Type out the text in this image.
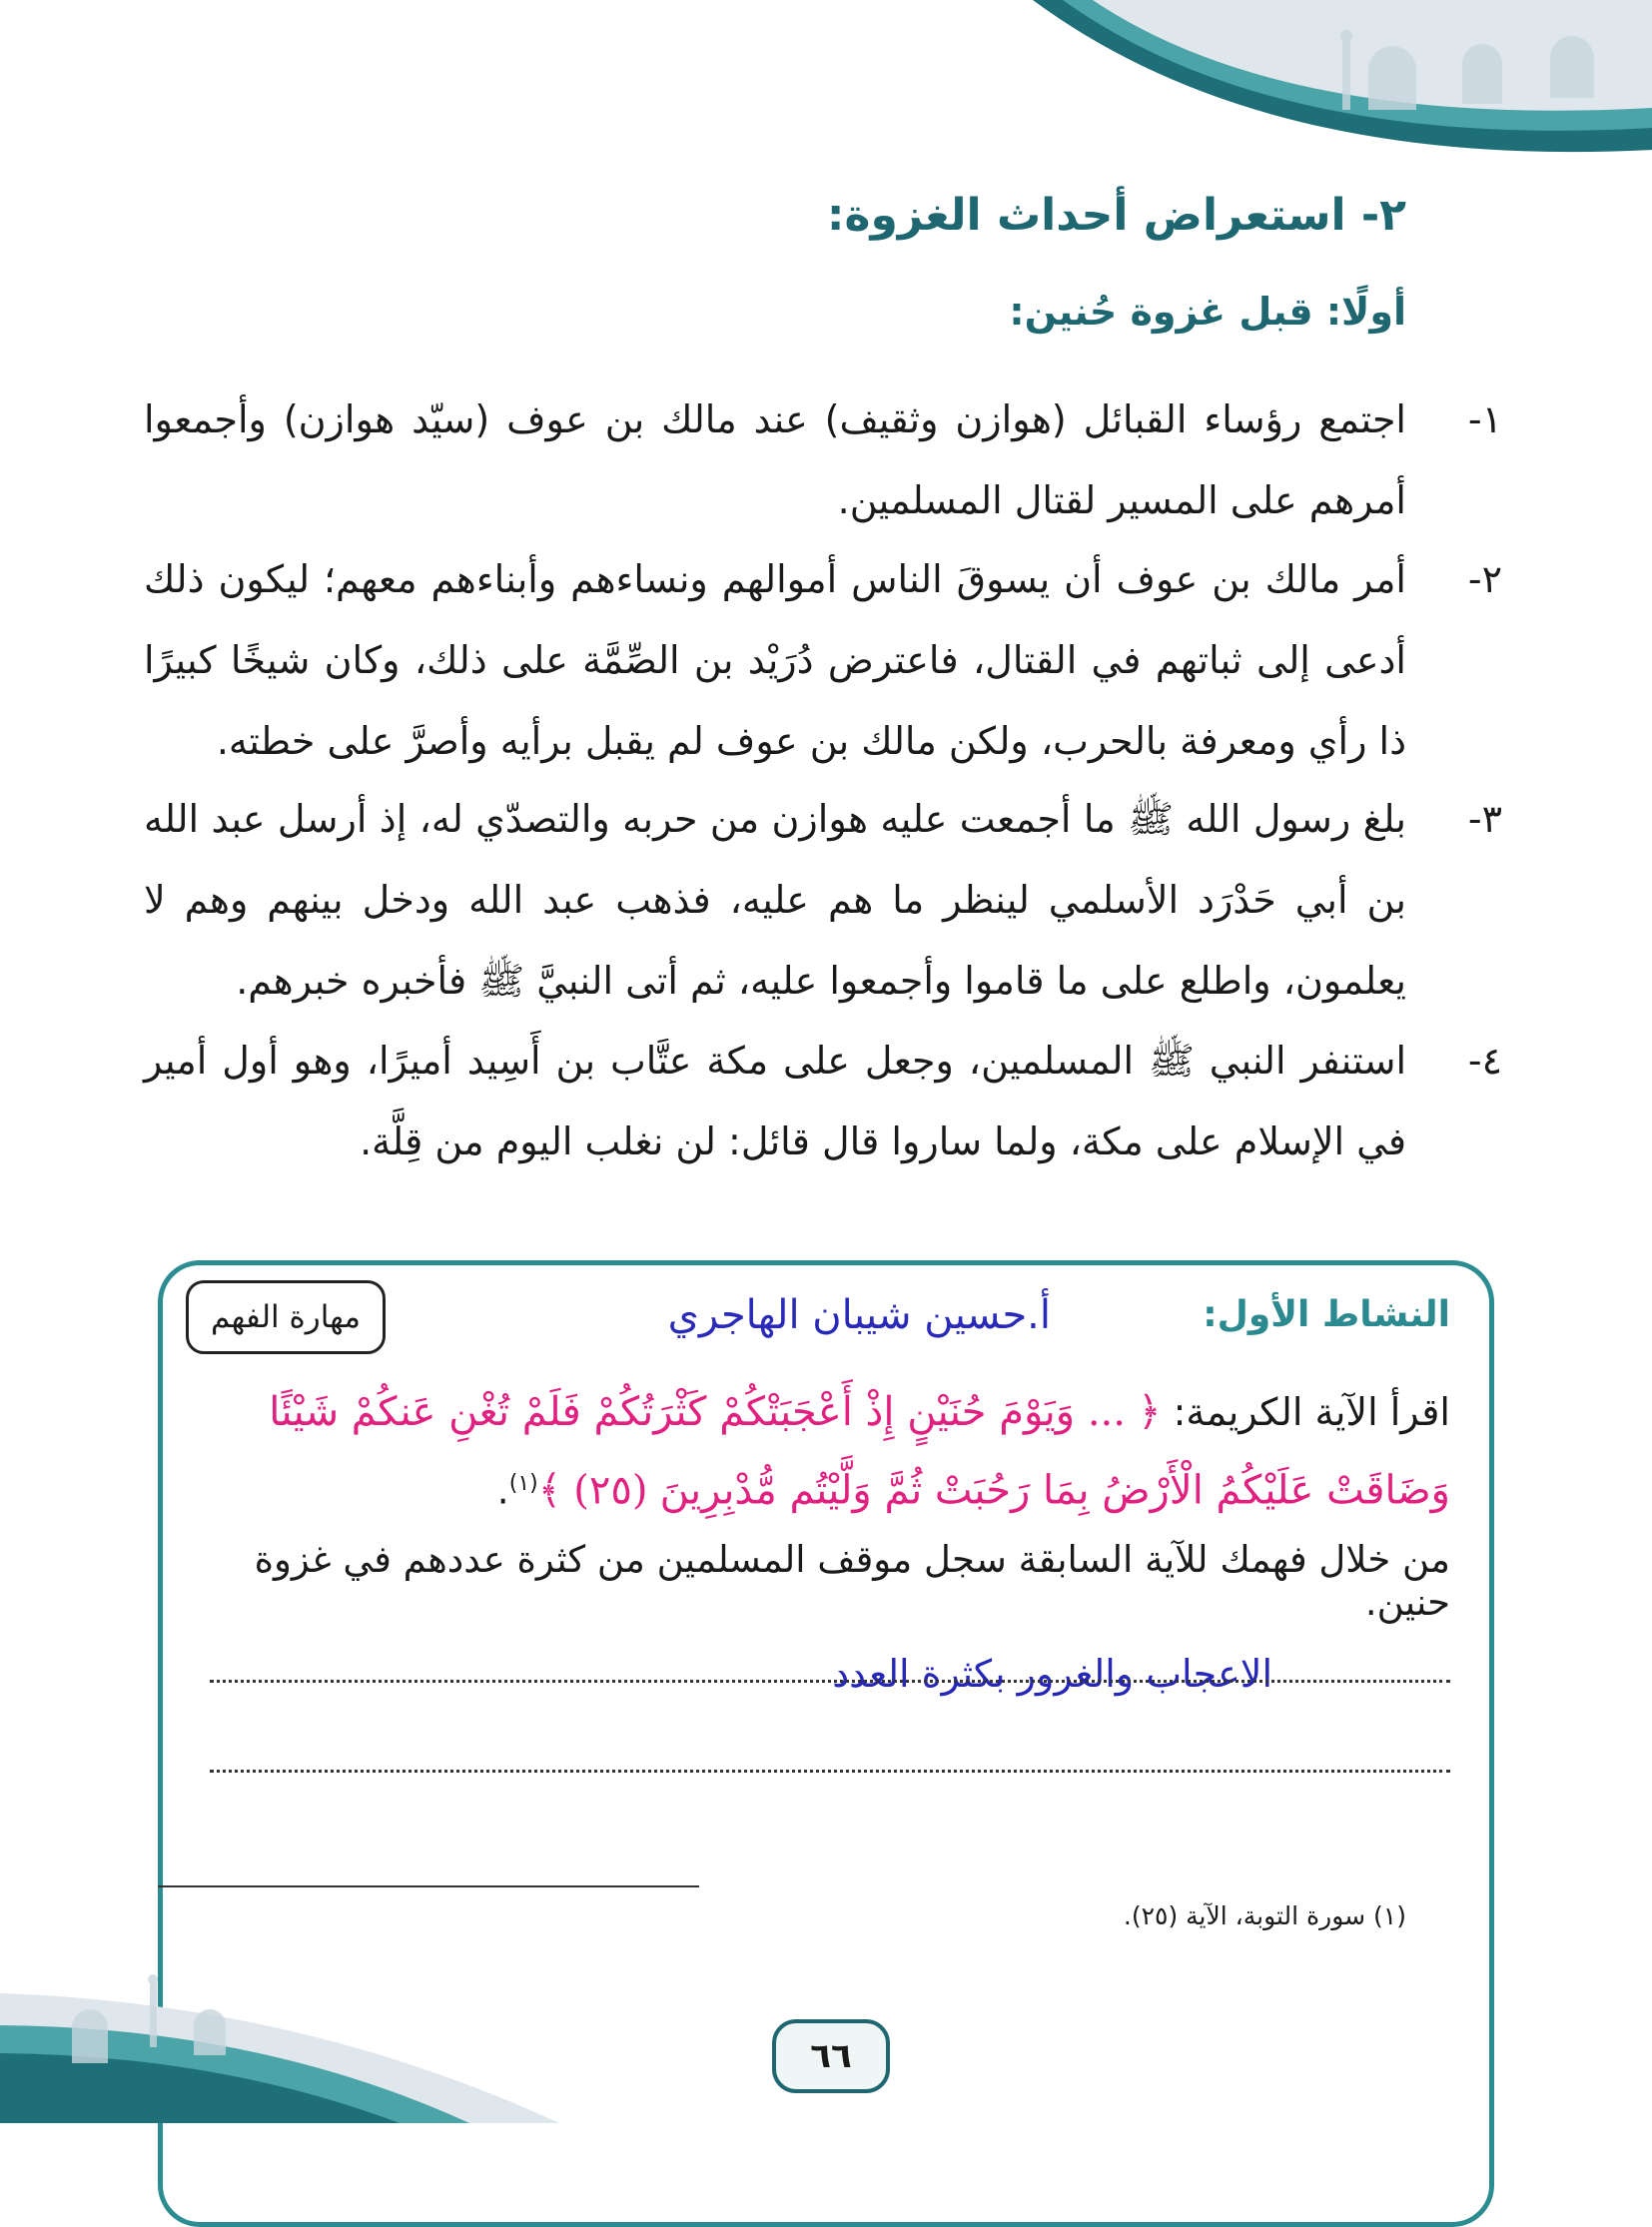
٢- استعراض أحداث الغزوة:
أولًا: قبل غزوة حُنين:
١-
اجتمع رؤساء القبائل (هوازن وثقيف) عند مالك بن عوف (سيّد هوازن) وأجمعوا أمرهم على المسير لقتال المسلمين.
٢-
أمر مالك بن عوف أن يسوقَ الناس أموالهم ونساءهم وأبناءهم معهم؛ ليكون ذلك أدعى إلى ثباتهم في القتال، فاعترض دُرَيْد بن الصِّمَّة على ذلك، وكان شيخًا كبيرًا ذا رأي ومعرفة بالحرب، ولكن مالك بن عوف لم يقبل برأيه وأصرَّ على خطته.
٣-
بلغ رسول الله ﷺ ما أجمعت عليه هوازن من حربه والتصدّي له، إذ أرسل عبد الله بن أبي حَدْرَد الأسلمي لينظر ما هم عليه، فذهب عبد الله ودخل بينهم وهم لا يعلمون، واطلع على ما قاموا وأجمعوا عليه، ثم أتى النبيَّ ﷺ فأخبره خبرهم.
٤-
استنفر النبي ﷺ المسلمين، وجعل على مكة عتَّاب بن أَسِيد أميرًا، وهو أول أمير في الإسلام على مكة، ولما ساروا قال قائل: لن نغلب اليوم من قِلَّة.
النشاط الأول:
أ.حسين شيبان الهاجري
مهارة الفهم
اقرأ الآية الكريمة: ﴿ ... وَيَوْمَ حُنَيْنٍ إِذْ أَعْجَبَتْكُمْ كَثْرَتُكُمْ فَلَمْ تُغْنِ عَنكُمْ شَيْئًا وَضَاقَتْ عَلَيْكُمُ الْأَرْضُ بِمَا رَحُبَتْ ثُمَّ وَلَّيْتُم مُّدْبِرِينَ (٢٥) ﴾$^{(١)}$.
من خلال فهمك للآية السابقة سجل موقف المسلمين من كثرة عددهم في غزوة حنين.
الاعجاب والغرور بكثرة العدد
(١) سورة التوبة، الآية (٢٥).
٦٦
